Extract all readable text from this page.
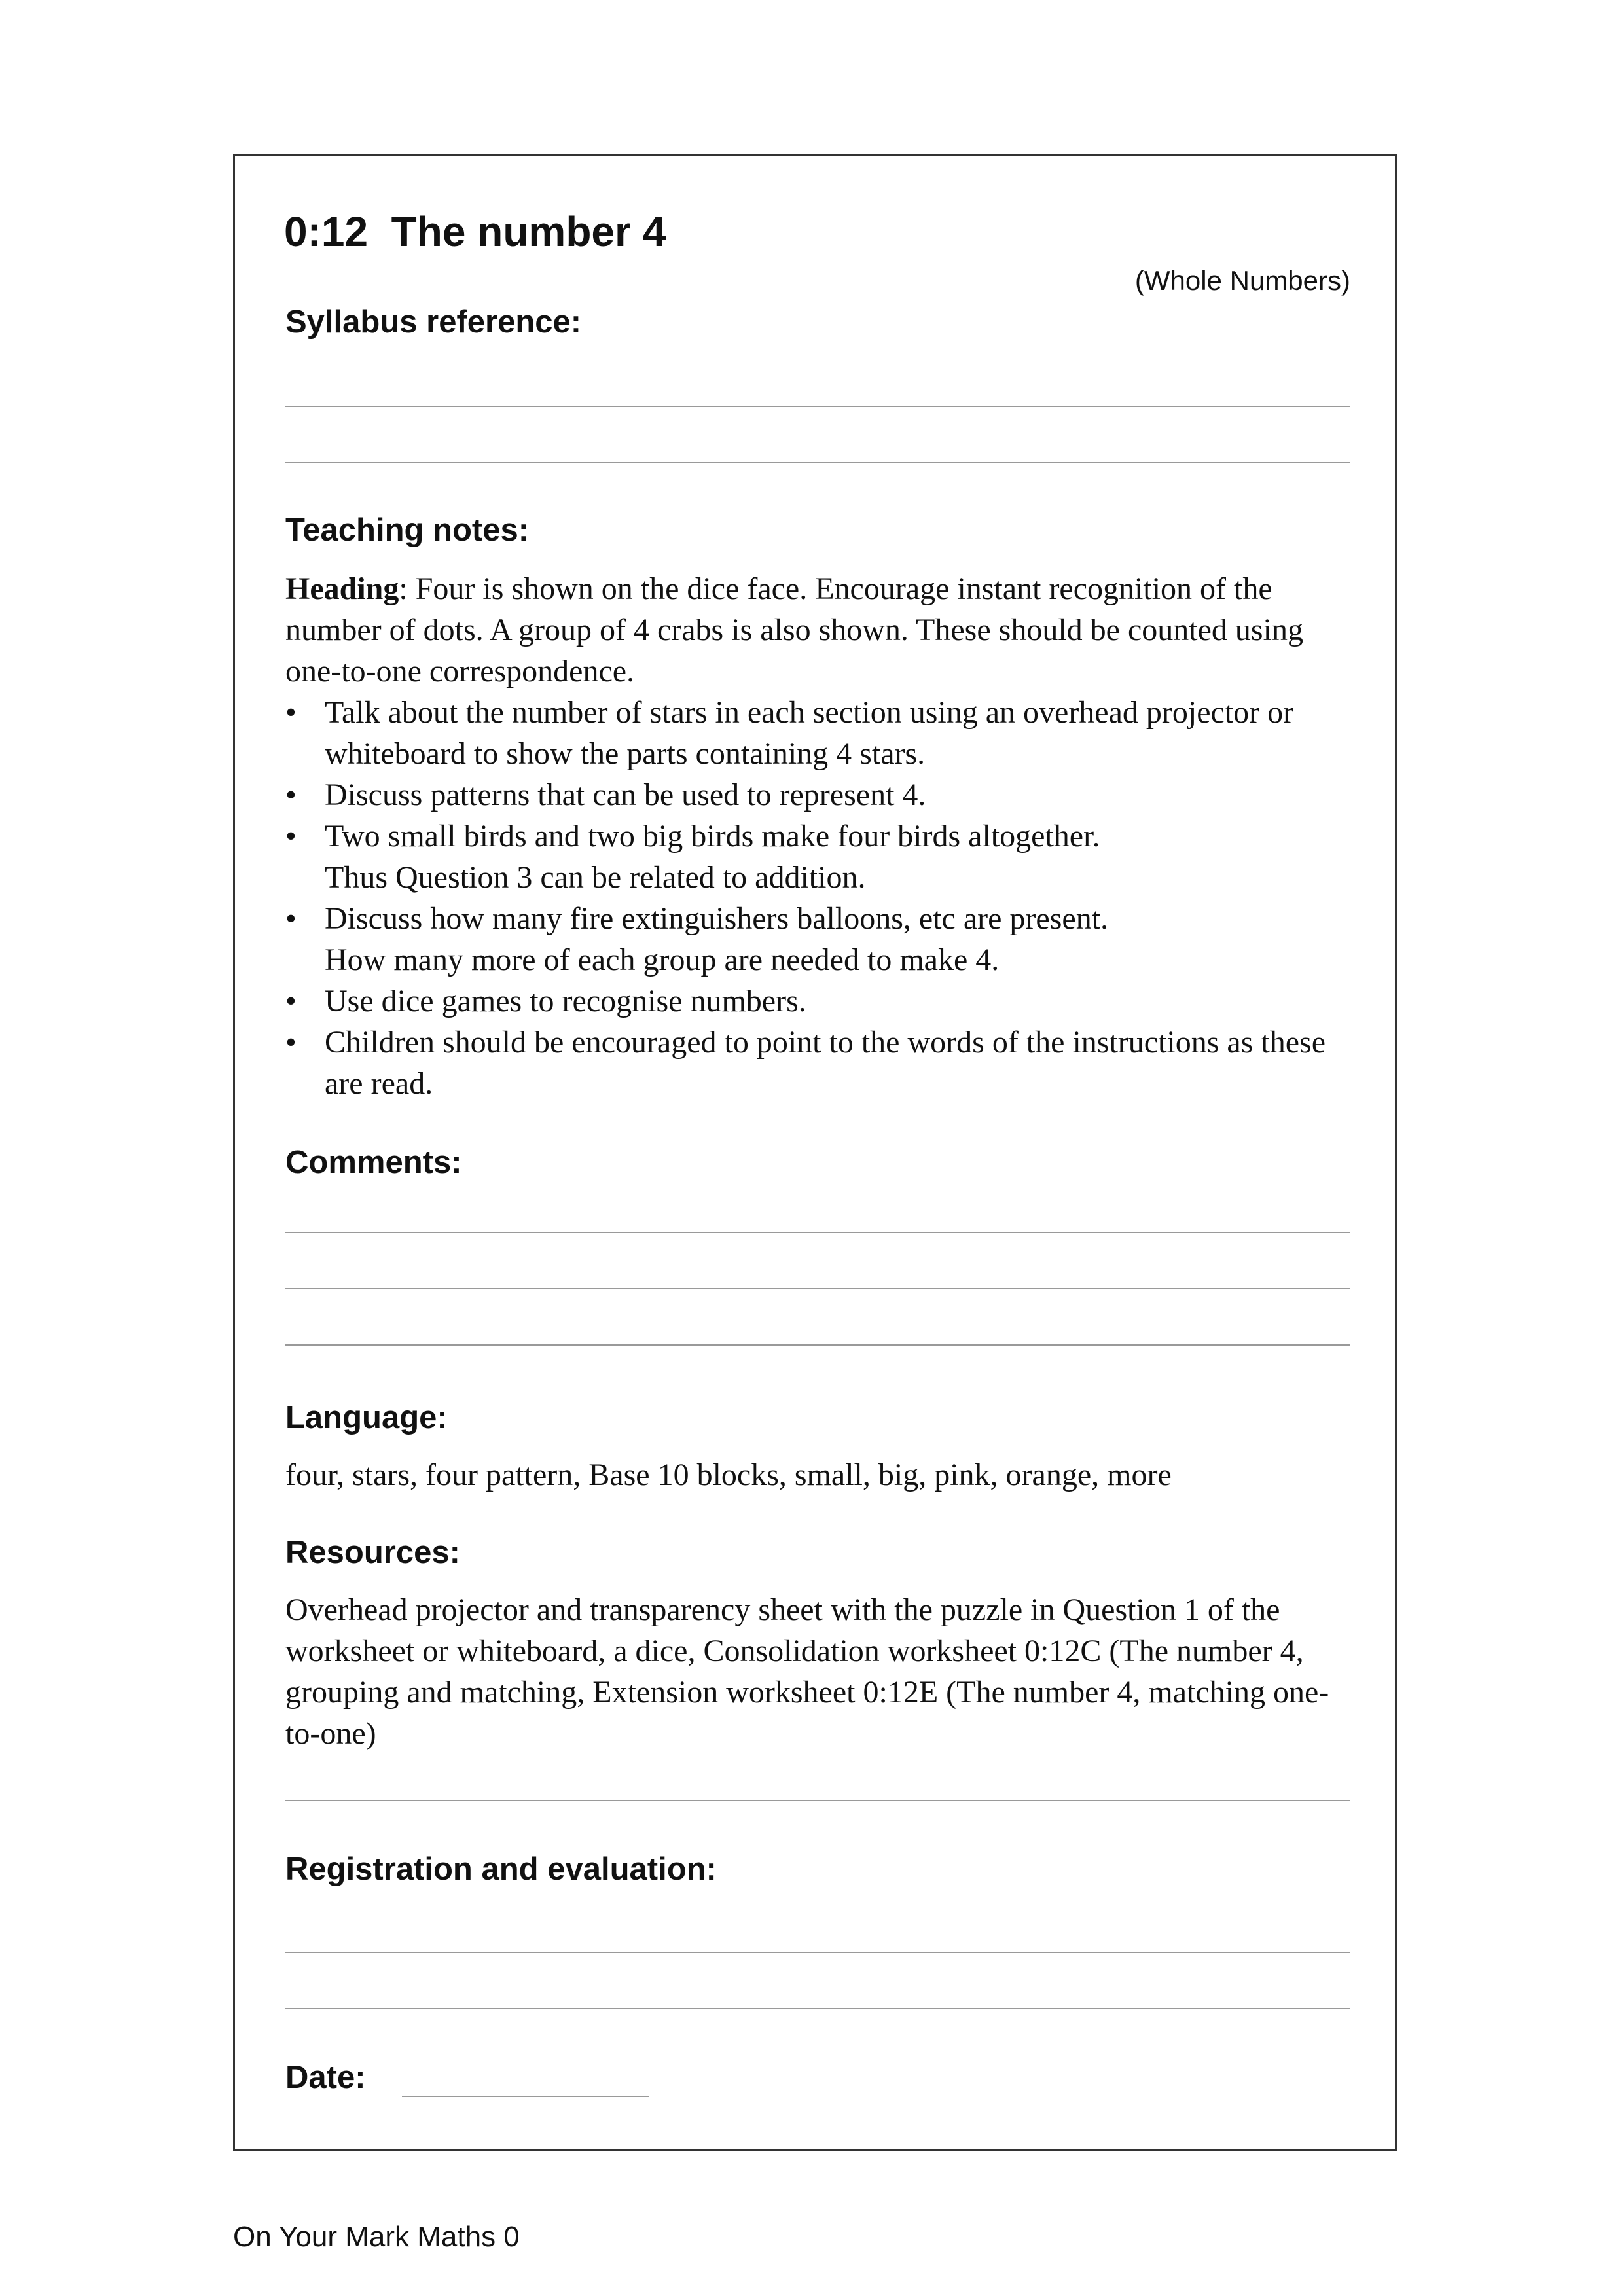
0:12  The number 4
(Whole Numbers)
Syllabus reference:
Teaching notes:

Heading: Four is shown on the dice face. Encourage instant recognition of the number of dots. A group of 4 crabs is also shown. These should be counted using one-to-one correspondence.

• Talk about the number of stars in each section using an overhead projector or whiteboard to show the parts containing 4 stars.
• Discuss patterns that can be used to represent 4.
• Two small birds and two big birds make four birds altogether.
Thus Question 3 can be related to addition.
• Discuss how many fire extinguishers balloons, etc are present.
How many more of each group are needed to make 4.
• Use dice games to recognise numbers.
• Children should be encouraged to point to the words of the instructions as these are read.
Comments:
Language:
four, stars, four pattern, Base 10 blocks, small, big, pink, orange, more
Resources:
Overhead projector and transparency sheet with the puzzle in Question 1 of the worksheet or whiteboard, a dice, Consolidation worksheet 0:12C (The number 4, grouping and matching, Extension worksheet 0:12E (The number 4, matching one-to-one)
Registration and evaluation:
Date:
On Your Mark Maths 0
